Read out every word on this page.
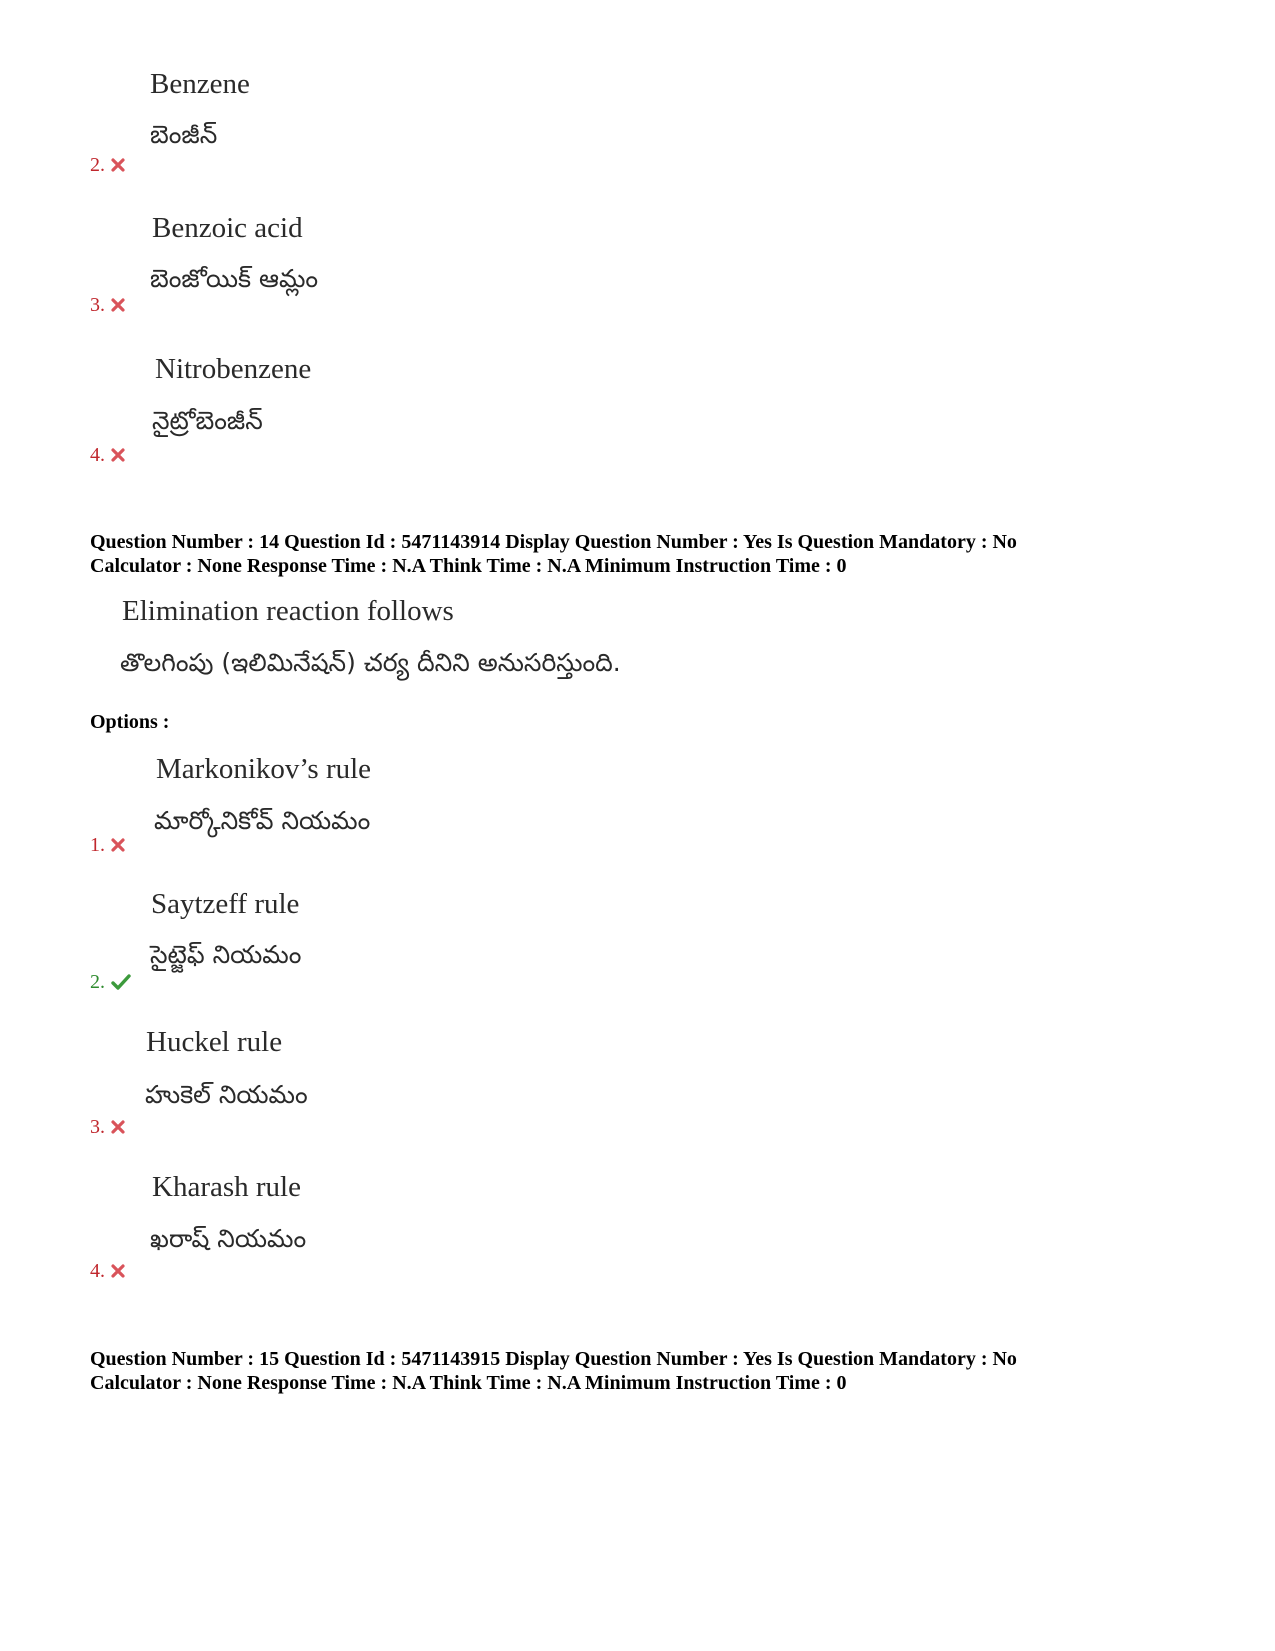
Benzene
బెంజీన్
2.
Benzoic acid
బెంజోయిక్ ఆమ్లం
3.
Nitrobenzene
నైట్రోబెంజీన్
4.
Question Number : 14 Question Id : 5471143914 Display Question Number : Yes Is Question Mandatory : No
Calculator : None Response Time : N.A Think Time : N.A Minimum Instruction Time : 0
Elimination reaction follows
తొలగింపు (ఇలిమినేషన్) చర్య దీనిని అనుసరిస్తుంది.
Options :
Markonikov’s rule
మార్కోనికోవ్ నియమం
1.
Saytzeff rule
సైట్జెఫ్ నియమం
2.
Huckel rule
హుకెల్ నియమం
3.
Kharash rule
ఖరాష్ నియమం
4.
Question Number : 15 Question Id : 5471143915 Display Question Number : Yes Is Question Mandatory : No
Calculator : None Response Time : N.A Think Time : N.A Minimum Instruction Time : 0
